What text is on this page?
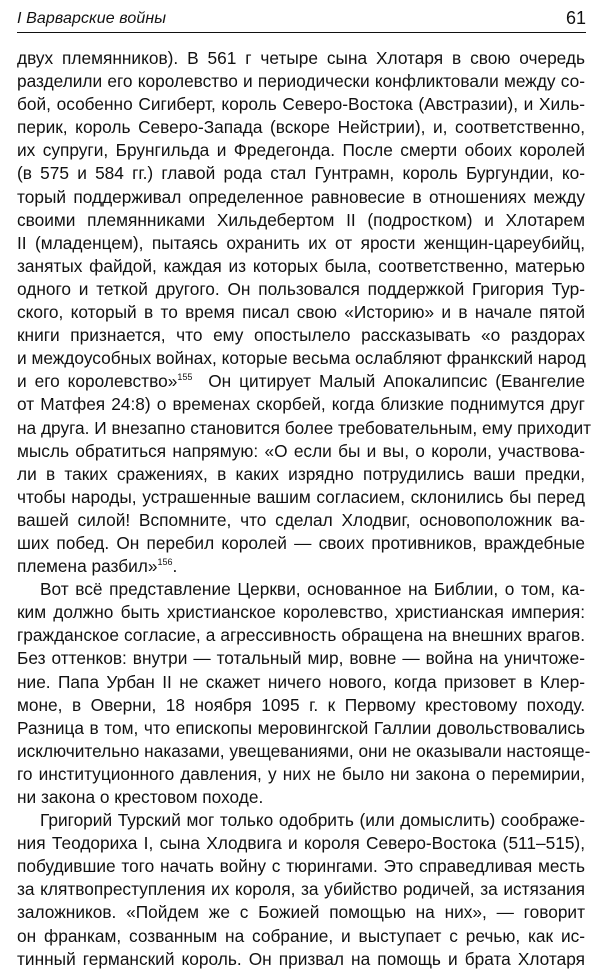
I Варварские войны	61
двух племянников). В 561 г четыре сына Хлотаря в свою очередь
разделили его королевство и периодически конфликтовали между со-
бой, особенно Сигиберт, король Северо-Востока (Австразии), и Хиль-
перик, король Северо-Запада (вскоре Нейстрии), и, соответственно,
их супруги, Брунгильда и Фредегонда. После смерти обоих королей
(в 575 и 584 гг.) главой рода стал Гунтрамн, король Бургундии, ко-
торый поддерживал определенное равновесие в отношениях между
своими племянниками Хильдебертом II (подростком) и Хлотарем
II (младенцем), пытаясь охранить их от ярости женщин-цареубийц,
занятых файдой, каждая из которых была, соответственно, матерью
одного и теткой другого. Он пользовался поддержкой Григория Тур-
ского, который в то время писал свою «Историю» и в начале пятой
книги признается, что ему опостылело рассказывать «о раздорах
и междоусобных войнах, которые весьма ослабляют франкский народ
и его королевство»$^{155}$ Он цитирует Малый Апокалипсис (Евангелие
от Матфея 24:8) о временах скорбей, когда близкие поднимутся друг
на друга. И внезапно становится более требовательным, ему приходит
мысль обратиться напрямую: «О если бы и вы, о короли, участвова-
ли в таких сражениях, в каких изрядно потрудились ваши предки,
чтобы народы, устрашенные вашим согласием, склонились бы перед
вашей силой! Вспомните, что сделал Хлодвиг, основоположник ва-
ших побед. Он перебил королей — своих противников, враждебные
племена разбил»$^{156}$.
Вот всё представление Церкви, основанное на Библии, о том, ка-
ким должно быть христианское королевство, христианская империя:
гражданское согласие, а агрессивность обращена на внешних врагов.
Без оттенков: внутри — тотальный мир, вовне — война на уничтоже-
ние. Папа Урбан II не скажет ничего нового, когда призовет в Клер-
моне, в Оверни, 18 ноября 1095 г. к Первому крестовому походу.
Разница в том, что епископы меровингской Галлии довольствовались
исключительно наказами, увещеваниями, они не оказывали настояще-
го институционного давления, у них не было ни закона о перемирии,
ни закона о крестовом походе.
Григорий Турский мог только одобрить (или домыслить) соображе-
ния Теодориха I, сына Хлодвига и короля Северо-Востока (511–515),
побудившие того начать войну с тюрингами. Это справедливая месть
за клятвопреступления их короля, за убийство родичей, за истязания
заложников. «Пойдем же с Божией помощью на них», — говорит
он франкам, созванным на собрание, и выступает с речью, как ис-
тинный германский король. Он призвал на помощь и брата Хлотаря
